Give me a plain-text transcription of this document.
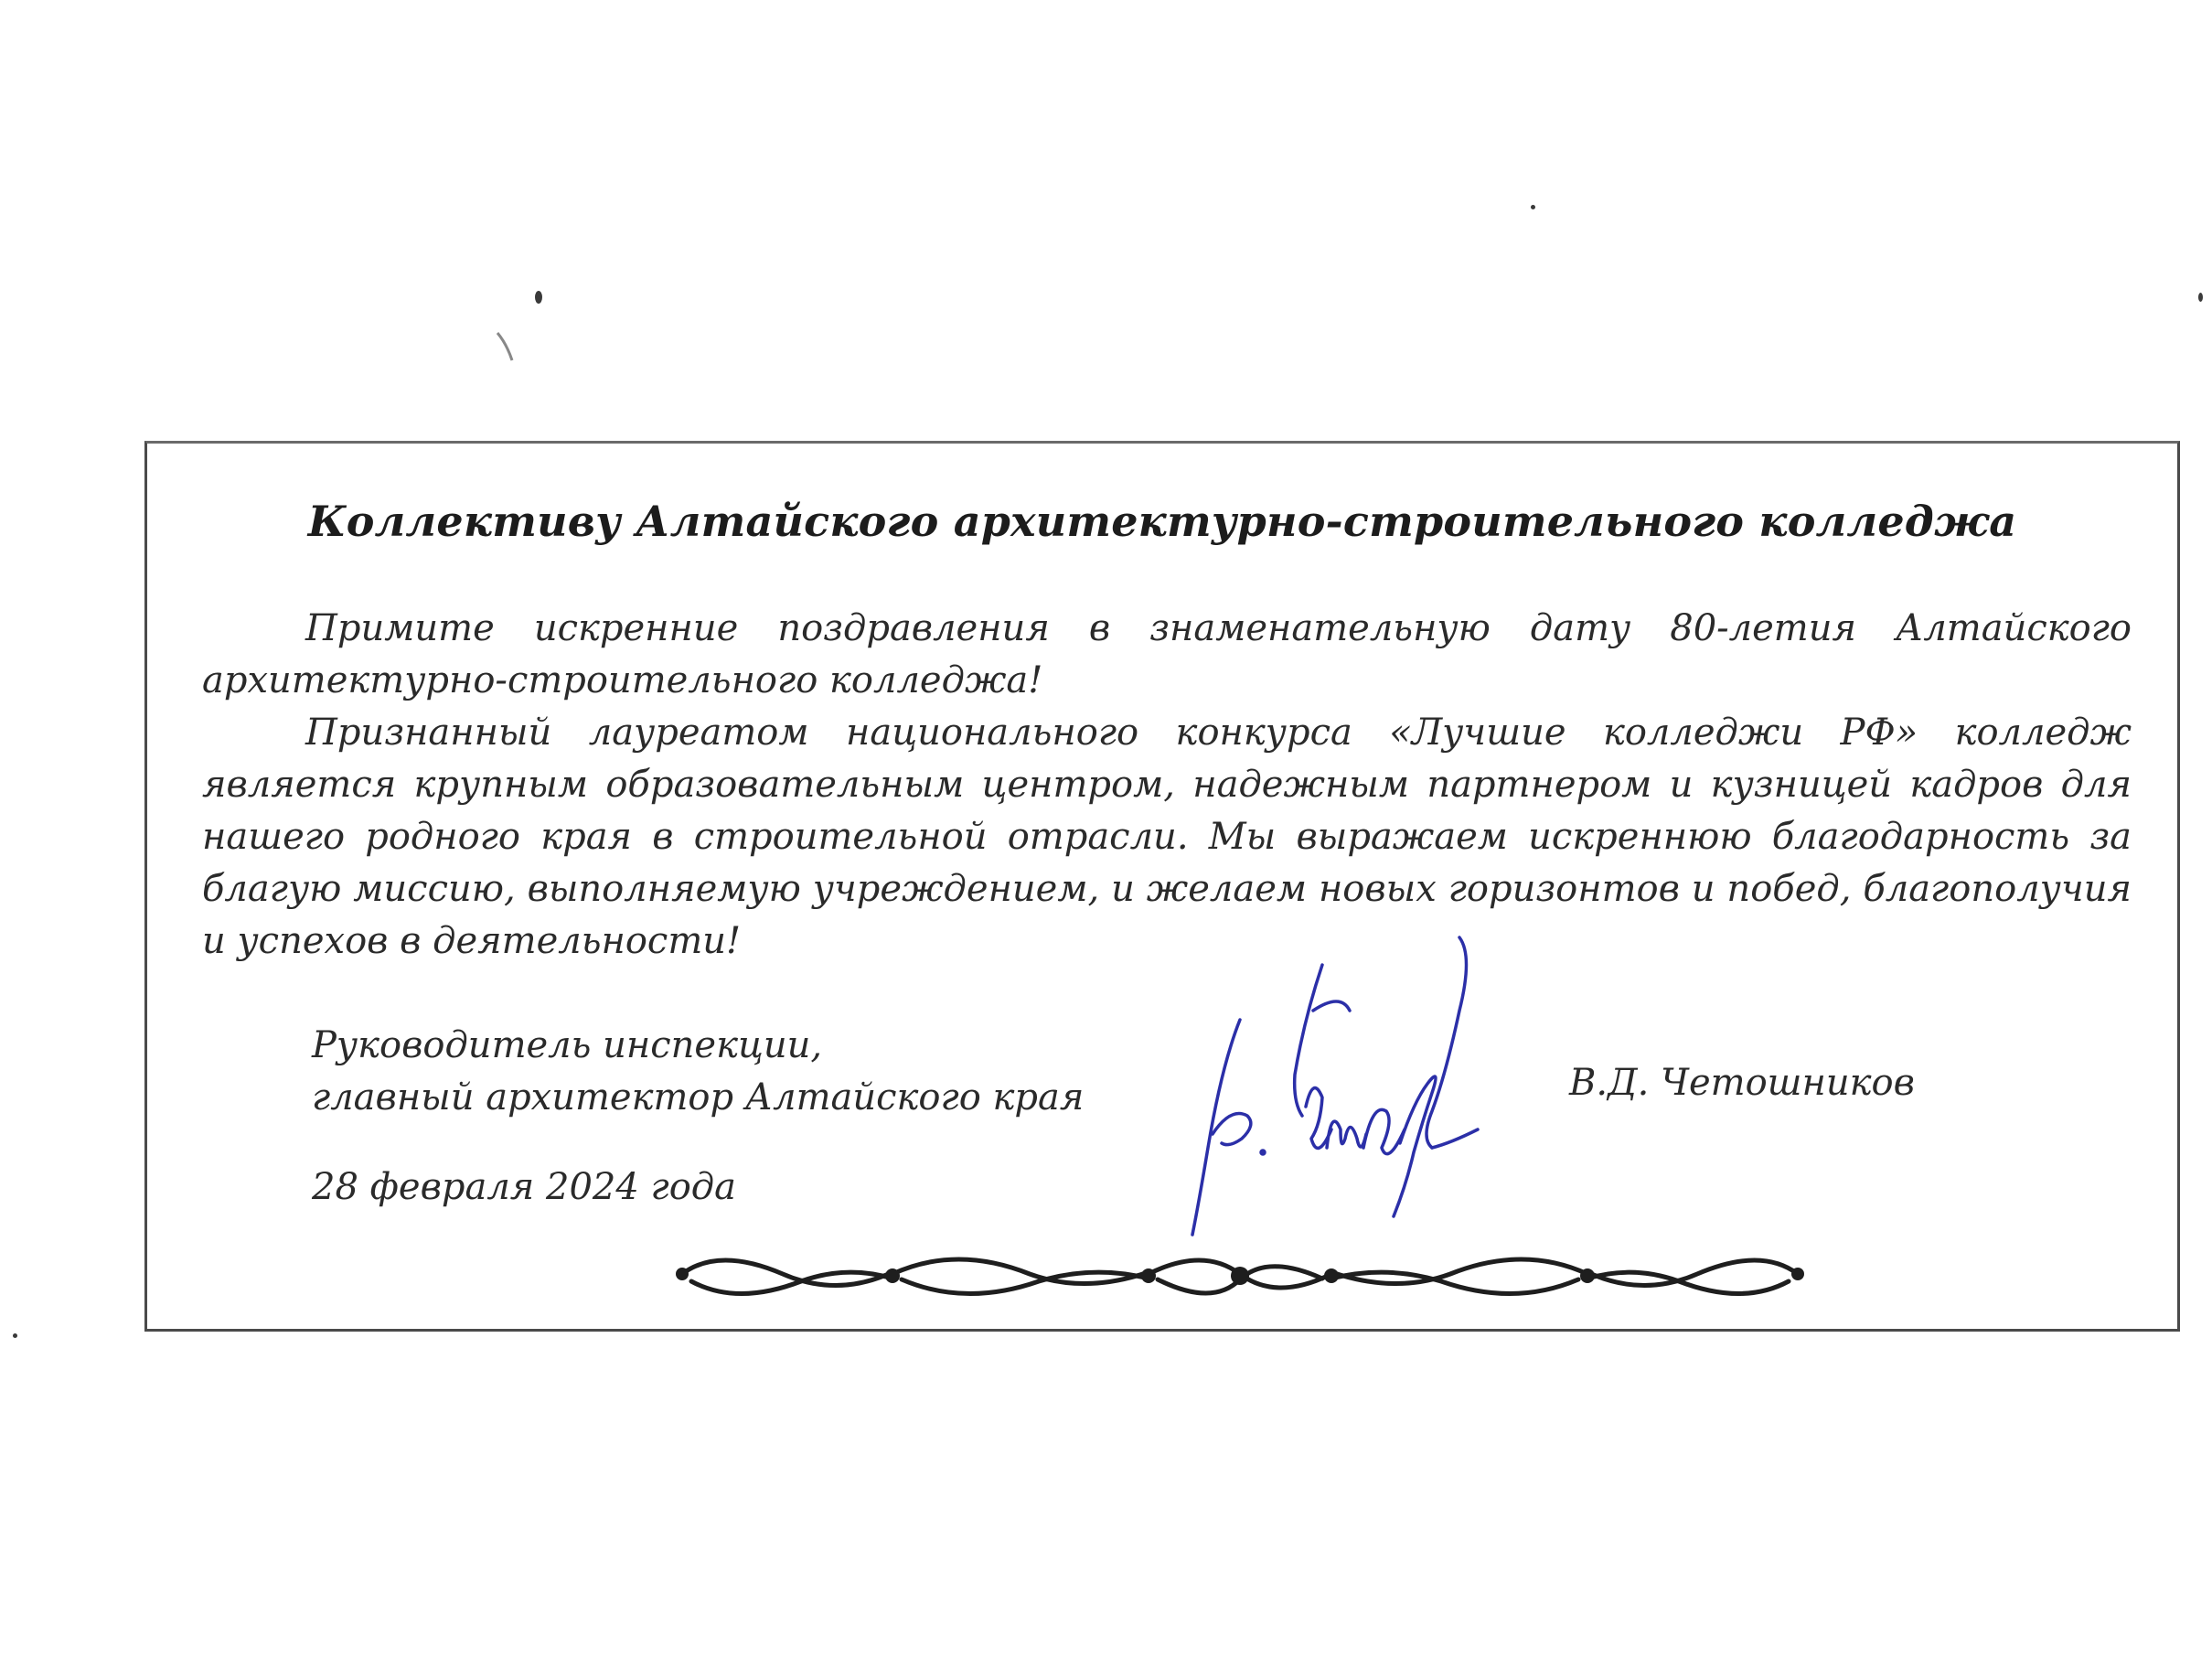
Коллективу Алтайского архитектурно-строительного колледжа

Примите искренние поздравления в знаменательную дату 80-летия Алтайского архитектурно-строительного колледжа!

Признанный лауреатом национального конкурса «Лучшие колледжи РФ» колледж является крупным образовательным центром, надежным партнером и кузницей кадров для нашего родного края в строительной отрасли. Мы выражаем искреннюю благодарность за благую миссию, выполняемую учреждением, и желаем новых горизонтов и побед, благополучия и успехов в деятельности!

Руководитель инспекции,
главный архитектор Алтайского края	В.Д. Четошников
28 февраля 2024 года
